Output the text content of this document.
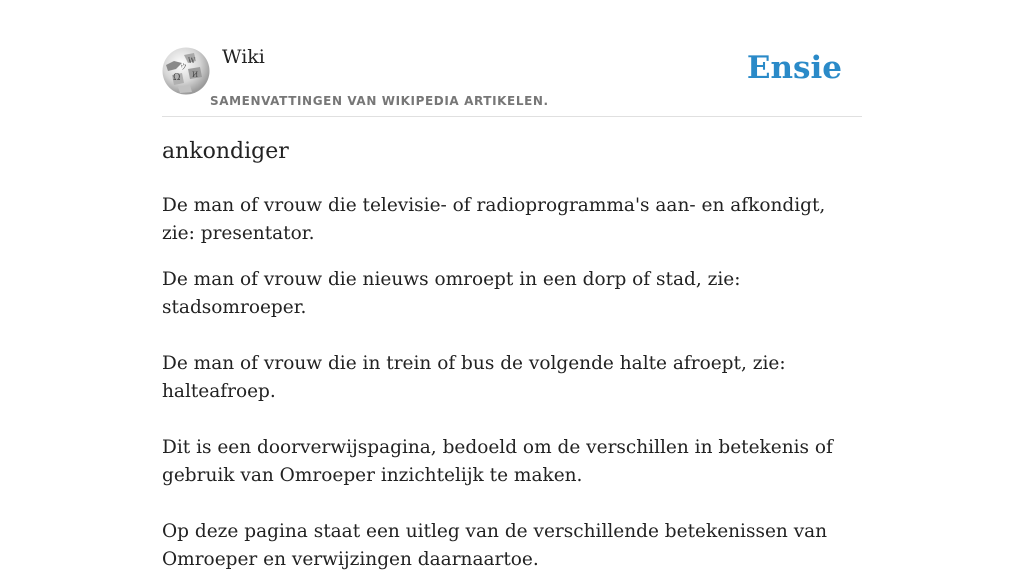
Ω
W
И
ウ Wiki
SAMENVATTINGEN VAN WIKIPEDIA ARTIKELEN.
Ensie
ankondiger

De man of vrouw die televisie- of radioprogramma's aan- en afkondigt, zie: presentator.

De man of vrouw die nieuws omroept in een dorp of stad, zie: stadsomroeper.

De man of vrouw die in trein of bus de volgende halte afroept, zie: halteafroep.

Dit is een doorverwijspagina, bedoeld om de verschillen in betekenis of gebruik van Omroeper inzichtelijk te maken.

Op deze pagina staat een uitleg van de verschillende betekenissen van Omroeper en verwijzingen daarnaartoe.
